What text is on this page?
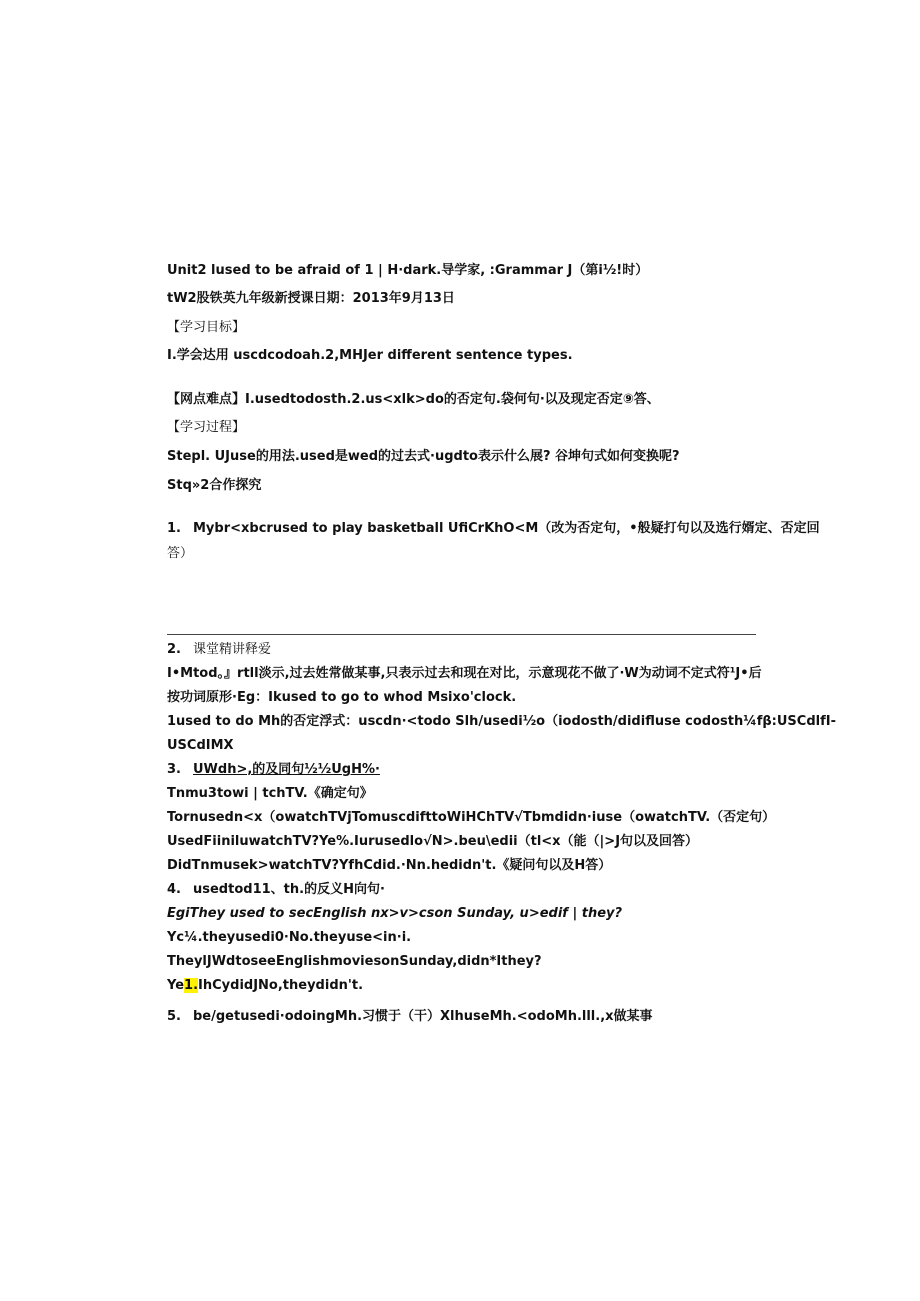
Unit2 lused to be afraid of 1 | H·dark.导学家, :Grammar J（第i½!时）
tW2股铁英九年级新授课日期：2013年9月13日
【学习目标】
I.学会达用 uscdcodoah.2,MHJer different sentence types.
【网点难点】I.usedtodosth.2.us<xlk>do的否定句.袋何句·以及现定否定⑨答、
【学习过程】
Stepl. UJuse的用法.used是wed的过去式·ugdto表示什么展? 谷坤句式如何变换呢?
Stq»2合作探究
1. Mybr<xbcrused to play basketball UfiCrKhO<M（改为否定句，•般疑打句以及选行婿定、否定回
答）
2. 课堂精讲释爱
I•Mtod。』rtll淡示,过去姓常做某事,只表示过去和现在对比，示意现花不做了·W为动词不定式符¹J•后
按功词原形·Eg：Ikused to go to whod Msixo'clock.
1used to do Mh的否定浮式：uscdn·<todo Slh/usedi½o（iodosth/didifluse codosth¼fβ:USCdlfI-
USCdIMX
3. UWdh>,的及同句½½UgH%·
Tnmu3towi | tchTV.《确定句》
Tornusedn<x（owatchTVjTomuscdifttoWiHChTV√Tbmdidn·iuse（owatchTV.（否定句）
UsedFiiniluwatchTV?Ye%.Iurusedlo√N>.beu\edii（tl<x（能（|>J句以及回答）
DidTnmusek>watchTV?YfhCdid.·Nn.hedidn't.《疑问句以及H答）
4. usedtod11、th.的反义H向句·
EgiThey used to secEnglish nx>v>cson Sunday, u>edif | they?
Yc¼.theyusedi0·No.theyuse<in·i.
TheylJWdtoseeEnglishmoviesonSunday,didn*Ithey?
Ye1.IhCydidJNo,theydidn't.
5. be/getusedi·odoingMh.习惯于（干）XlhuseMh.<odoMh.lll.,x做某事
